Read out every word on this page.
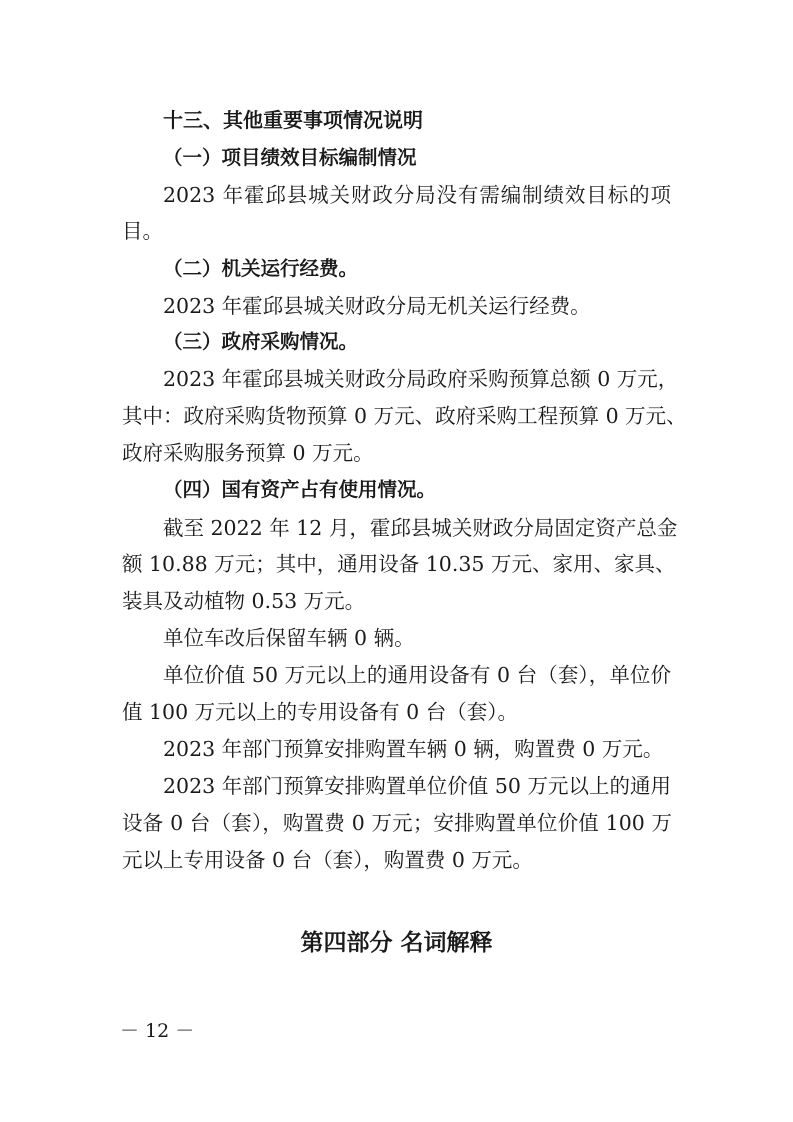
十三、其他重要事项情况说明
（一）项目绩效目标编制情况
2023 年霍邱县城关财政分局没有需编制绩效目标的项
目。
（二）机关运行经费。
2023 年霍邱县城关财政分局无机关运行经费。
（三）政府采购情况。
2023 年霍邱县城关财政分局政府采购预算总额 0 万元，
其中：政府采购货物预算 0 万元、政府采购工程预算 0 万元、
政府采购服务预算 0 万元。
（四）国有资产占有使用情况。
截至 2022 年 12 月，霍邱县城关财政分局固定资产总金
额 10.88 万元；其中，通用设备 10.35 万元、家用、家具、
装具及动植物 0.53 万元。
单位车改后保留车辆 0 辆。
单位价值 50 万元以上的通用设备有 0 台（套），单位价
值 100 万元以上的专用设备有 0 台（套）。
2023 年部门预算安排购置车辆 0 辆，购置费 0 万元。
2023 年部门预算安排购置单位价值 50 万元以上的通用
设备 0 台（套），购置费 0 万元；安排购置单位价值 100 万
元以上专用设备 0 台（套），购置费 0 万元。
第四部分 名词解释
－ 12 －
